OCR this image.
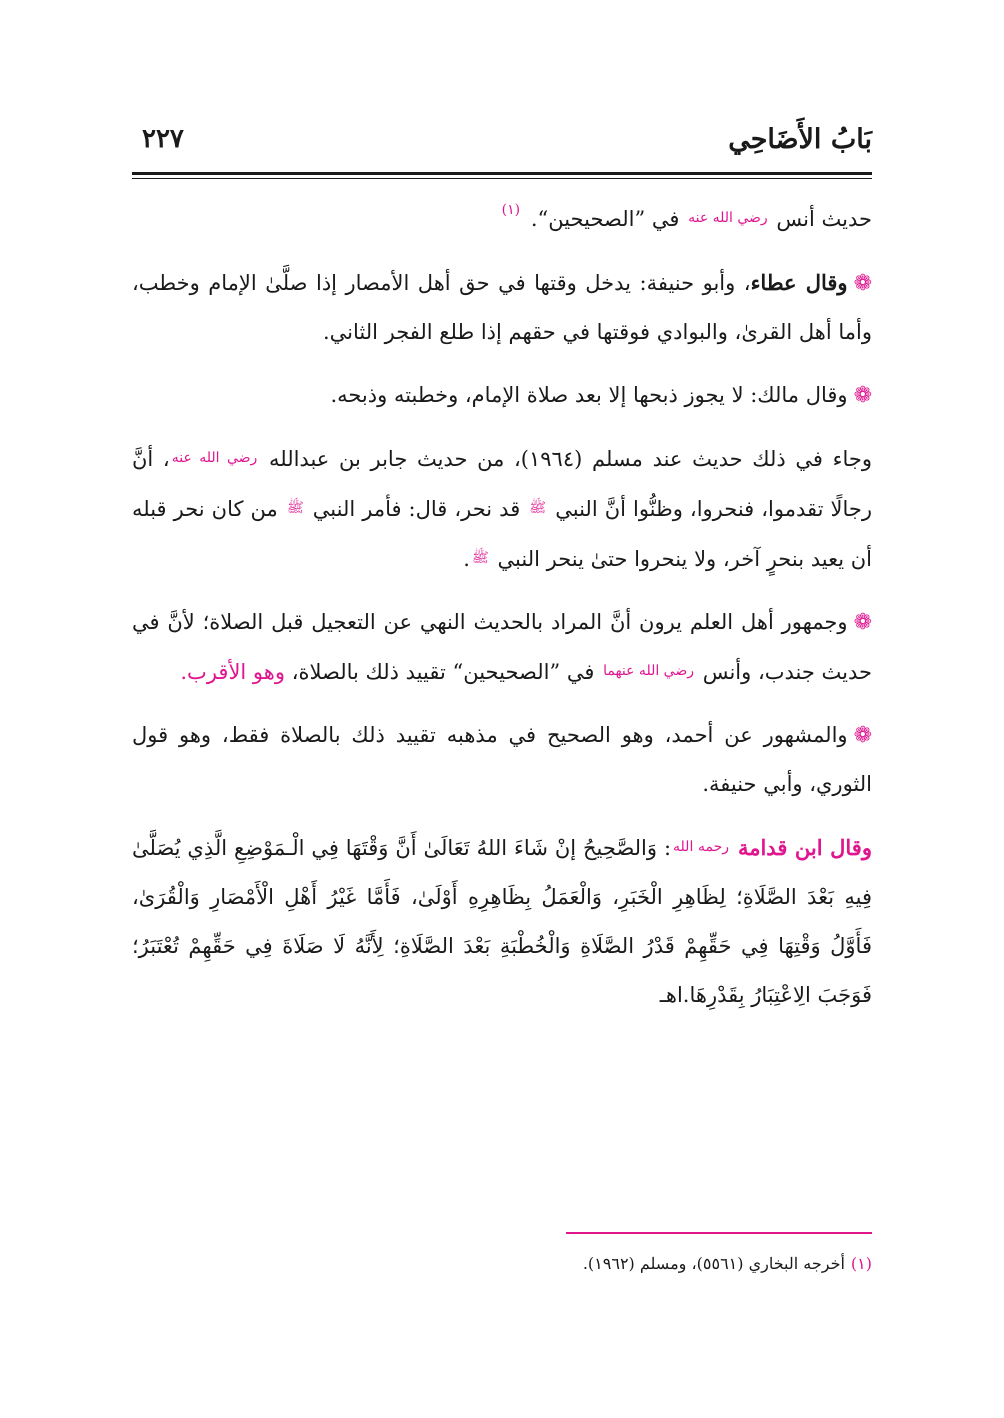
بَابُ الأَضَاحِي
٢٢٧

حديث أنس رضي الله عنه في ”الصحيحين“. $^{(١)}$

❁وقال عطاء، وأبو حنيفة: يدخل وقتها في حق أهل الأمصار إذا صلَّىٰ الإمام وخطب، وأما أهل القرىٰ، والبوادي فوقتها في حقهم إذا طلع الفجر الثاني.

❁وقال مالك: لا يجوز ذبحها إلا بعد صلاة الإمام، وخطبته وذبحه.

وجاء في ذلك حديث عند مسلم (١٩٦٤)، من حديث جابر بن عبدالله رضي الله عنه، أنَّ رجالًا تقدموا، فنحروا، وظنُّوا أنَّ النبي ﷺ قد نحر، قال: فأمر النبي ﷺ من كان نحر قبله أن يعيد بنحرٍ آخر، ولا ينحروا حتىٰ ينحر النبي ﷺ.

❁وجمهور أهل العلم يرون أنَّ المراد بالحديث النهي عن التعجيل قبل الصلاة؛ لأنَّ في حديث جندب، وأنس رضي الله عنهما في ”الصحيحين“ تقييد ذلك بالصلاة، وهو الأقرب.

❁والمشهور عن أحمد، وهو الصحيح في مذهبه تقييد ذلك بالصلاة فقط، وهو قول الثوري، وأبي حنيفة.

وقال ابن قدامة رحمه الله: وَالصَّحِيحُ إنْ شَاءَ اللهُ تَعَالَىٰ أَنَّ وَقْتَهَا فِي الْـمَوْضِعِ الَّذِي يُصَلَّىٰ فِيهِ بَعْدَ الصَّلَاةِ؛ لِظَاهِرِ الْخَبَرِ، وَالْعَمَلُ بِظَاهِرِهِ أَوْلَىٰ، فَأَمَّا غَيْرُ أَهْلِ الْأَمْصَارِ وَالْقُرَىٰ، فَأَوَّلُ وَقْتِهَا فِي حَقِّهِمْ قَدْرُ الصَّلَاةِ وَالْخُطْبَةِ بَعْدَ الصَّلَاةِ؛ لِأَنَّهُ لَا صَلَاةَ فِي حَقِّهِمْ تُعْتَبَرُ؛ فَوَجَبَ الِاعْتِبَارُ بِقَدْرِهَا.اهـ

(١)أخرجه البخاري (٥٥٦١)، ومسلم (١٩٦٢).
